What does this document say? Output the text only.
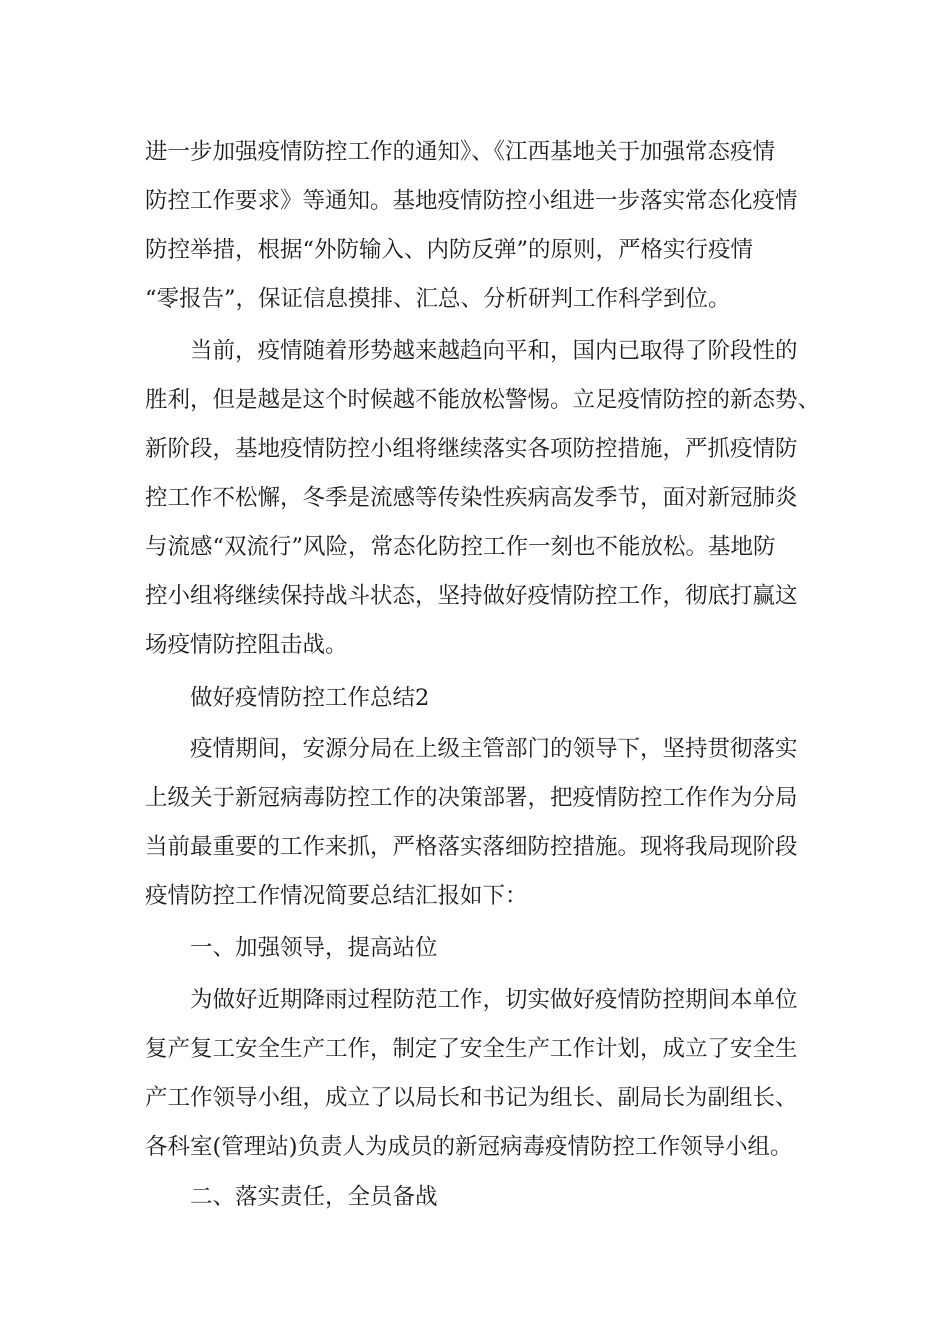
进一步加强疫情防控工作的通知》、《江西基地关于加强常态疫情
防控工作要求》等通知。基地疫情防控小组进一步落实常态化疫情
防控举措，根据“外防输入、内防反弹”的原则，严格实行疫情
“零报告”，保证信息摸排、汇总、分析研判工作科学到位。
当前，疫情随着形势越来越趋向平和，国内已取得了阶段性的
胜利，但是越是这个时候越不能放松警惕。立足疫情防控的新态势、
新阶段，基地疫情防控小组将继续落实各项防控措施，严抓疫情防
控工作不松懈，冬季是流感等传染性疾病高发季节，面对新冠肺炎
与流感“双流行”风险，常态化防控工作一刻也不能放松。基地防
控小组将继续保持战斗状态，坚持做好疫情防控工作，彻底打赢这
场疫情防控阻击战。
做好疫情防控工作总结2
疫情期间，安源分局在上级主管部门的领导下，坚持贯彻落实
上级关于新冠病毒防控工作的决策部署，把疫情防控工作作为分局
当前最重要的工作来抓，严格落实落细防控措施。现将我局现阶段
疫情防控工作情况简要总结汇报如下：
一、加强领导，提高站位
为做好近期降雨过程防范工作，切实做好疫情防控期间本单位
复产复工安全生产工作，制定了安全生产工作计划，成立了安全生
产工作领导小组，成立了以局长和书记为组长、副局长为副组长、
各科室(管理站)负责人为成员的新冠病毒疫情防控工作领导小组。
二、落实责任，全员备战
